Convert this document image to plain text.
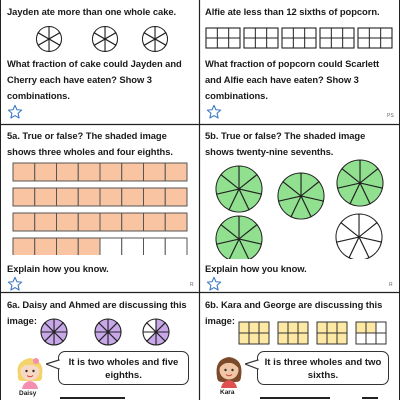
Jayden ate more than one whole cake.
What fraction of cake could Jayden and
Cherry each have eaten? Show 3
combinations.
Alfie ate less than 12 sixths of popcorn.
What fraction of popcorn could Scarlett
and Alfie each have eaten? Show 3
combinations.
PS
5a. True or false? The shaded image
shows three wholes and four eighths.
Explain how you know.
R
5b. True or false? The shaded image
shows twenty-nine sevenths.
Explain how you know.
R
6a. Daisy and Ahmed are discussing this
image:
Daisy
It is two wholes and five
eighths.
6b. Kara and George are discussing this
image:
Kara
It is three wholes and two
sixths.
